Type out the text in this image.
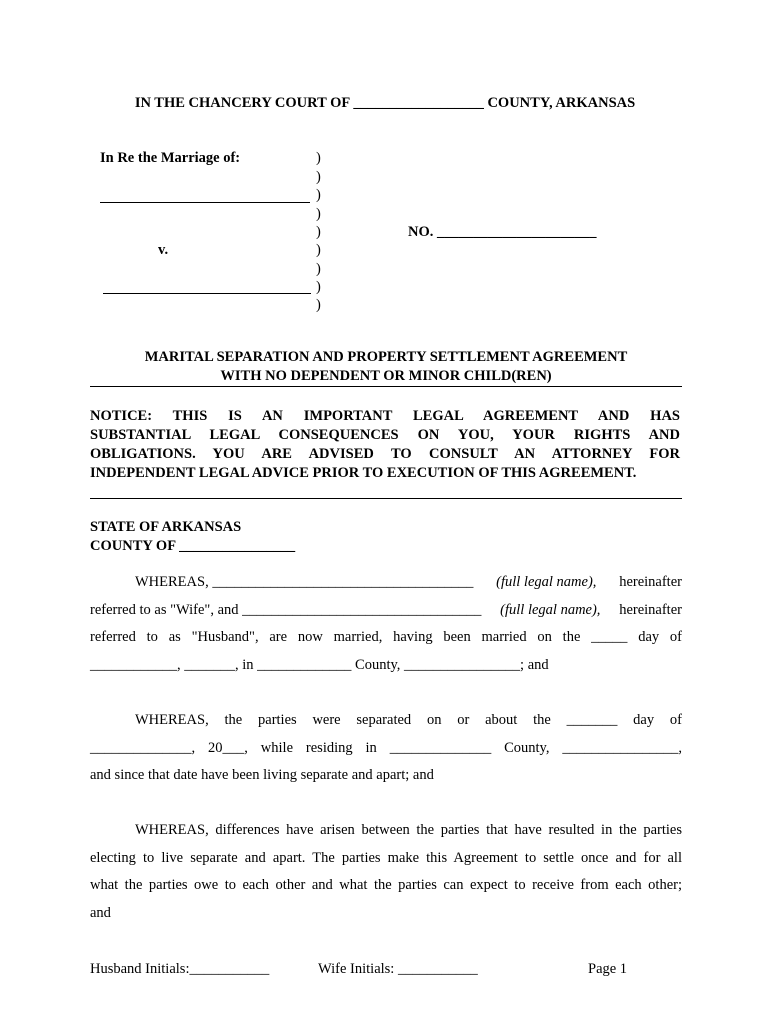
IN THE CHANCERY COURT OF __________________ COUNTY, ARKANSAS
In Re the Marriage of:	)
)
)
)
)
)
)
)
)
v.
NO. ______________________
MARITAL SEPARATION AND PROPERTY SETTLEMENT AGREEMENT
WITH NO DEPENDENT OR MINOR CHILD(REN)
NOTICE: THIS IS AN IMPORTANT LEGAL AGREEMENT AND HAS
SUBSTANTIAL LEGAL CONSEQUENCES ON YOU, YOUR RIGHTS AND
OBLIGATIONS. YOU ARE ADVISED TO CONSULT AN ATTORNEY FOR
INDEPENDENT LEGAL ADVICE PRIOR TO EXECUTION OF THIS AGREEMENT.
STATE OF ARKANSAS
COUNTY OF ________________
WHEREAS, ____________________________________ (full legal name), hereinafter
referred to as "Wife", and _________________________________ (full legal name), hereinafter
referred to as "Husband", are now married, having been married on the _____ day of
____________, _______, in _____________ County, ________________; and
WHEREAS, the parties were separated on or about the _______ day of
______________, 20___, while residing in ______________ County, ________________,
and since that date have been living separate and apart; and
WHEREAS, differences have arisen between the parties that have resulted in the parties
electing to live separate and apart. The parties make this Agreement to settle once and for all
what the parties owe to each other and what the parties can expect to receive from each other;
and
Husband Initials:___________	Wife Initials: ___________	Page 1
